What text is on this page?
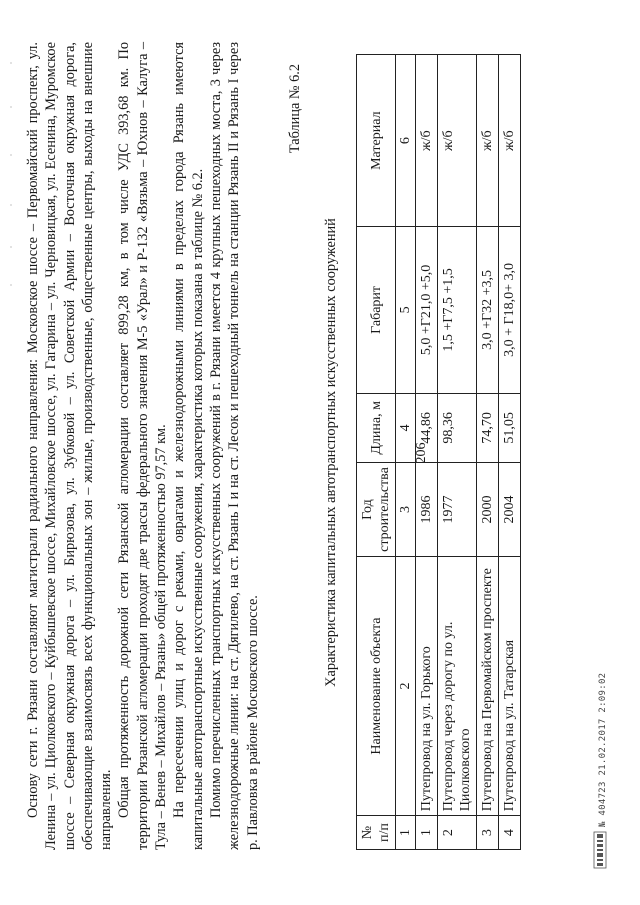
206

Основу сети г. Рязани составляют магистрали радиального направления: Московское шоссе – Первомайский проспект, ул. Ленина – ул. Циолковского – Куйбышевское шоссе, Михайловское шоссе, ул. Гагарина – ул. Черновицкая, ул. Есенина, Муромское шоссе – Северная окружная дорога – ул. Бирюзова, ул. Зубковой – ул. Советской Армии – Восточная окружная дорога, обеспечивающие взаимосвязь всех функциональных зон – жилые, производственные, общественные центры, выходы на внешние направления. Общая протяженность дорожной сети Рязанской агломерации составляет 899,28 км, в том числе УДС 393,68 км. По территории Рязанской агломерации проходят две трассы федерального значения М-5 «Урал» и Р-132 «Вязьма – Юхнов – Калуга – Тула – Венев – Михайлов – Рязань» общей протяженностью 97,57 км. На пересечении улиц и дорог с реками, оврагами и железнодорожными линиями в пределах города Рязань имеются капитальные автотранспортные искусственные сооружения, характеристика которых показана в таблице № 6.2. Помимо перечисленных транспортных искусственных сооружений в г. Рязани имеется 4 крупных пешеходных моста, 3 через железнодорожные линии: на ст. Дягилево, на ст. Рязань I и на ст. Лесок и пешеходный тоннель на станции Рязань II и Рязань I через р. Павловка в районе Московского шоссе.

Таблица № 6.2
Характеристика капитальных автотранспортных искусственных сооружений
№ п/п	Наименование объекта	Год строительства	Длина, м	Габарит	Материал
1	2	3	4	5	6
1	Путепровод на ул. Горького	1986	44,86	5,0 +Г21,0 +5,0	ж/б
2	Путепровод через дорогу по ул. Циолковского	1977	98,36	1,5 +Г7,5 +1,5	ж/б
3	Путепровод на Первомайском проспекте	2000	74,70	3,0 +Г32 +3,5	ж/б
4	Путепровод на ул. Татарская	2004	51,05	3,0 + Г18,0+ 3,0	ж/б
№ 404723 21.02.2017 2:09:02
